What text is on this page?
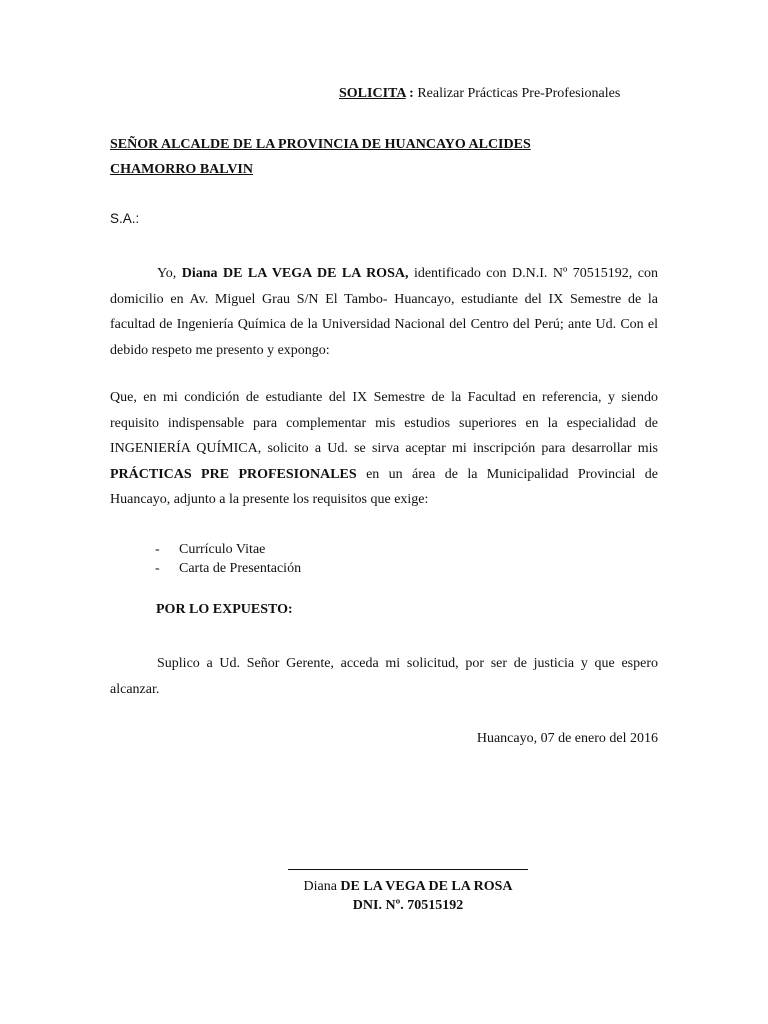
SOLICITA : Realizar Prácticas Pre-Profesionales
SEÑOR ALCALDE DE LA PROVINCIA DE HUANCAYO ALCIDES
CHAMORRO BALVIN
S.A.:
Yo, Diana DE LA VEGA DE LA ROSA, identificado con D.N.I. Nº 70515192, con domicilio en Av. Miguel Grau S/N El Tambo- Huancayo, estudiante del IX Semestre de la facultad de Ingeniería Química de la Universidad Nacional del Centro del Perú; ante Ud. Con el debido respeto me presento y expongo:
Que, en mi condición de estudiante del IX Semestre de la Facultad en referencia, y siendo requisito indispensable para complementar mis estudios superiores en la especialidad de INGENIERÍA QUÍMICA, solicito a Ud. se sirva aceptar mi inscripción para desarrollar mis PRÁCTICAS PRE PROFESIONALES en un área de la Municipalidad Provincial de Huancayo, adjunto a la presente los requisitos que exige:
- Currículo Vitae
- Carta de Presentación
POR LO EXPUESTO:
Suplico a Ud. Señor Gerente, acceda mi solicitud, por ser de justicia y que espero alcanzar.
Huancayo, 07 de enero del 2016
Diana DE LA VEGA DE LA ROSA
DNI. Nº. 70515192
